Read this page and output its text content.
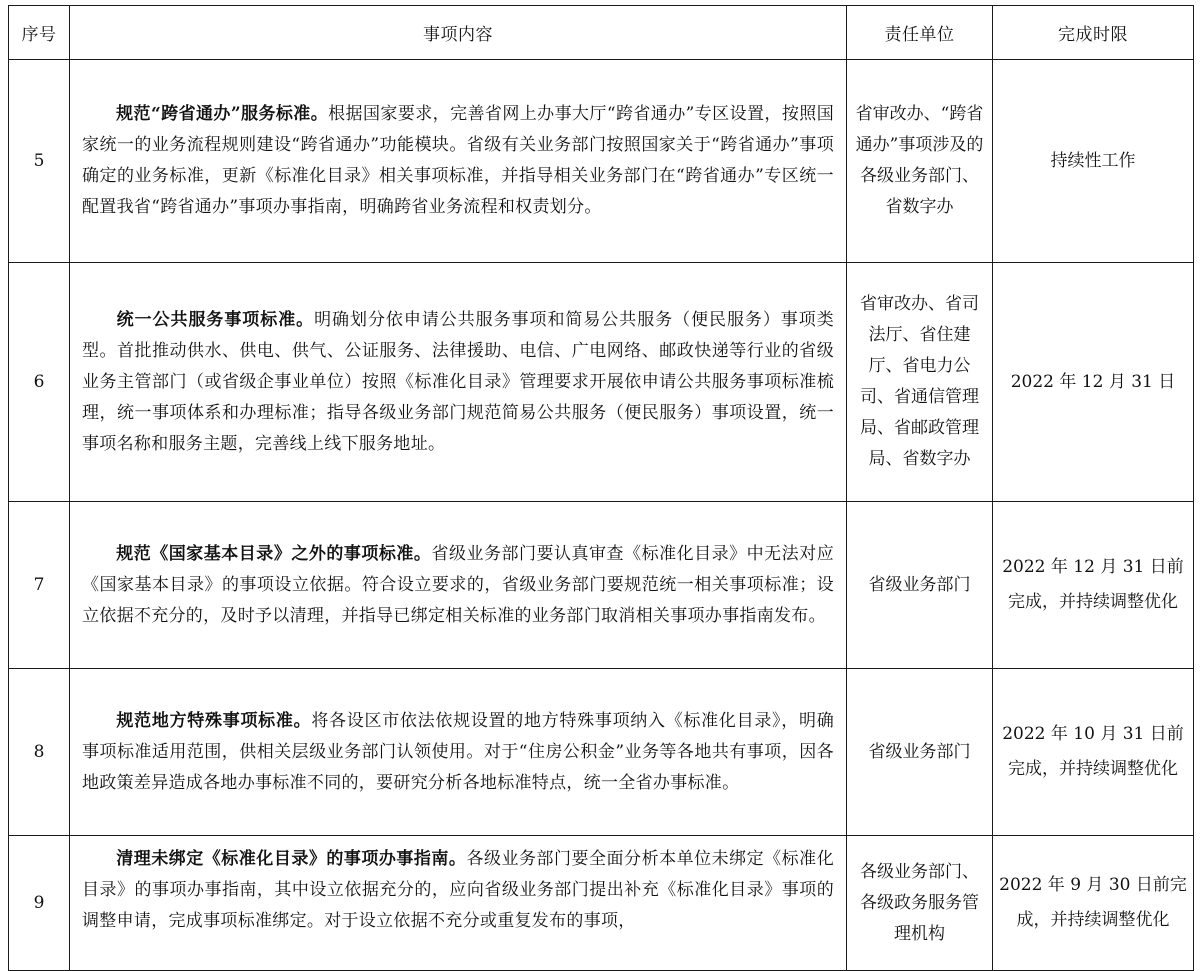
序号	事项内容	责任单位	完成时限
5	规范“跨省通办”服务标准。根据国家要求，完善省网上办事大厅“跨省通办”专区设置，按照国家统一的业务流程规则建设“跨省通办”功能模块。省级有关业务部门按照国家关于“跨省通办”事项确定的业务标准，更新《标准化目录》相关事项标准，并指导相关业务部门在“跨省通办”专区统一配置我省“跨省通办”事项办事指南，明确跨省业务流程和权责划分。	省审改办、“跨省通办”事项涉及的各级业务部门、省数字办	持续性工作
6	统一公共服务事项标准。明确划分依申请公共服务事项和简易公共服务（便民服务）事项类型。首批推动供水、供电、供气、公证服务、法律援助、电信、广电网络、邮政快递等行业的省级业务主管部门（或省级企事业单位）按照《标准化目录》管理要求开展依申请公共服务事项标准梳理，统一事项体系和办理标准；指导各级业务部门规范简易公共服务（便民服务）事项设置，统一事项名称和服务主题，完善线上线下服务地址。	省审改办、省司法厅、省住建厅、省电力公司、省通信管理局、省邮政管理局、省数字办	2022 年 12 月 31 日
7	规范《国家基本目录》之外的事项标准。省级业务部门要认真审查《标准化目录》中无法对应《国家基本目录》的事项设立依据。符合设立要求的，省级业务部门要规范统一相关事项标准；设立依据不充分的，及时予以清理，并指导已绑定相关标准的业务部门取消相关事项办事指南发布。	省级业务部门	2022 年 12 月 31 日前完成，并持续调整优化
8	规范地方特殊事项标准。将各设区市依法依规设置的地方特殊事项纳入《标准化目录》，明确事项标准适用范围，供相关层级业务部门认领使用。对于“住房公积金”业务等各地共有事项，因各地政策差异造成各地办事标准不同的，要研究分析各地标准特点，统一全省办事标准。	省级业务部门	2022 年 10 月 31 日前完成，并持续调整优化
9	清理未绑定《标准化目录》的事项办事指南。各级业务部门要全面分析本单位未绑定《标准化目录》的事项办事指南，其中设立依据充分的，应向省级业务部门提出补充《标准化目录》事项的调整申请，完成事项标准绑定。对于设立依据不充分或重复发布的事项，	各级业务部门、各级政务服务管理机构	2022 年 9 月 30 日前完成，并持续调整优化
